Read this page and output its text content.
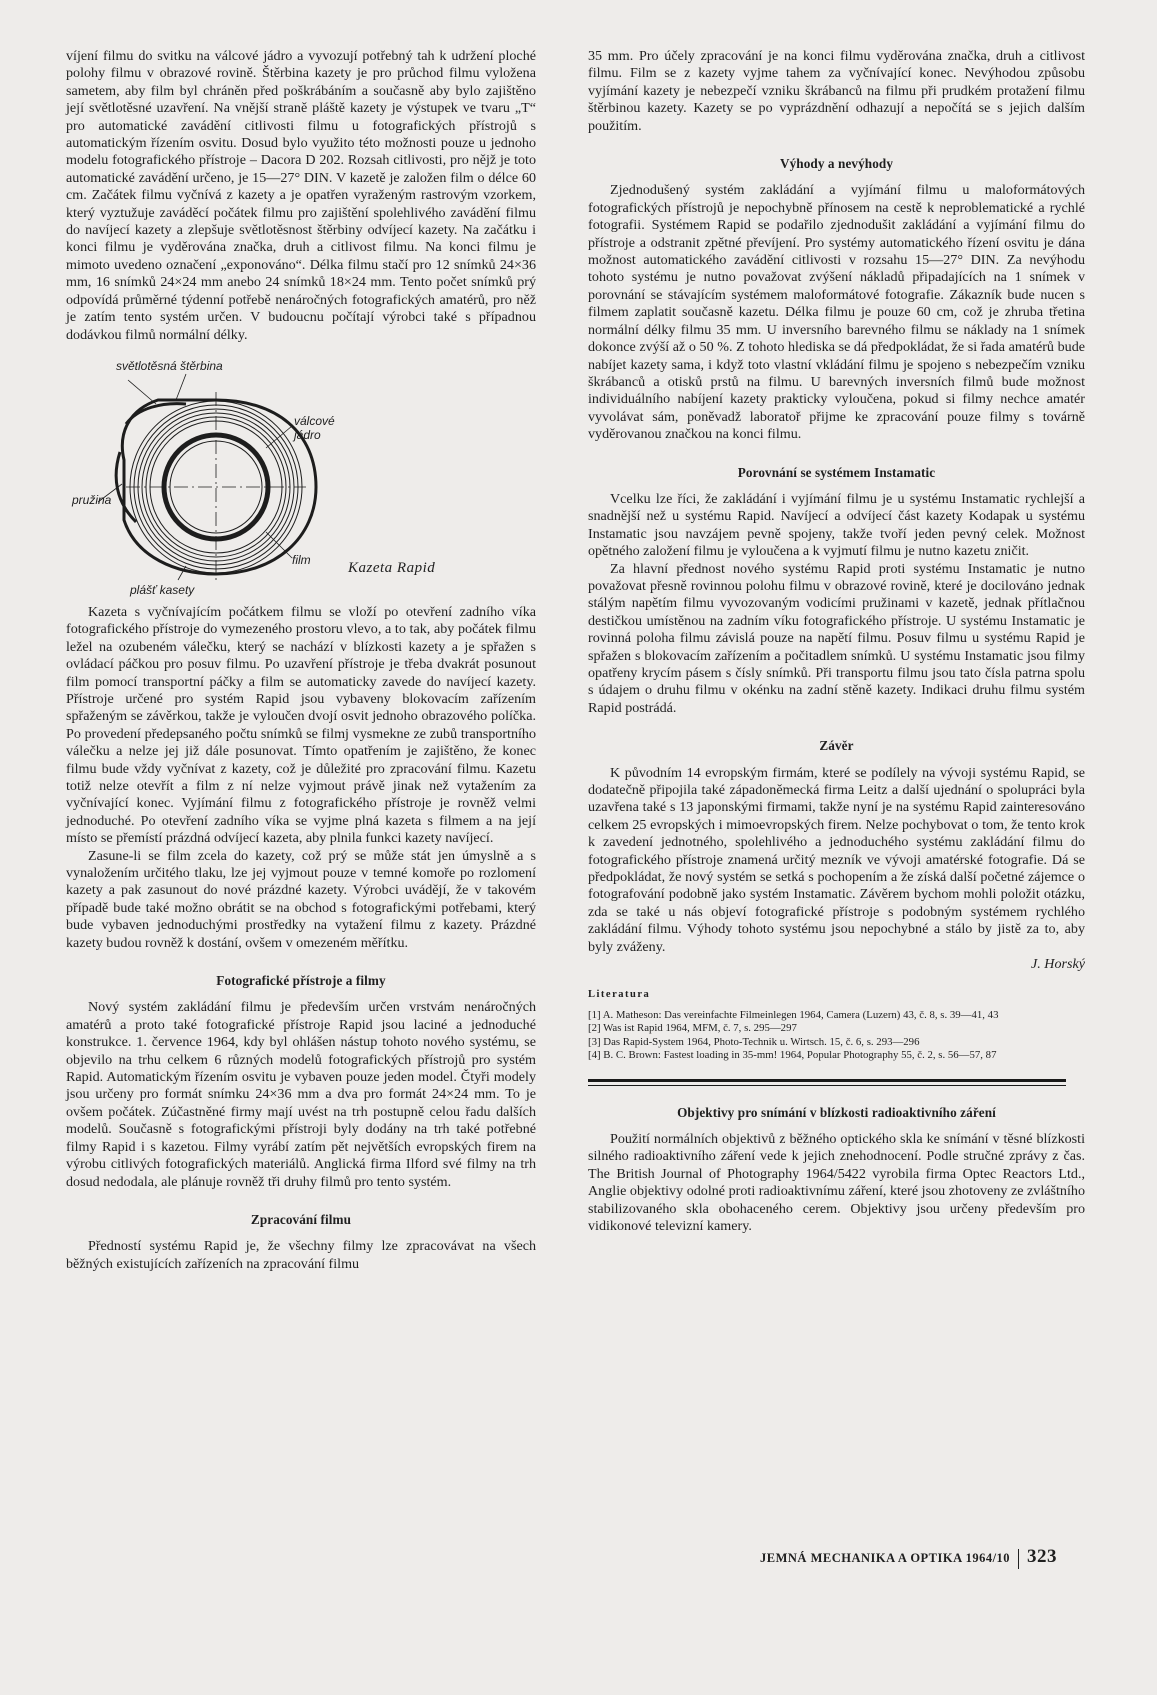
víjení filmu do svitku na válcové jádro a vyvozují potřebný tah k udržení ploché polohy filmu v obrazové rovině. Štěrbina kazety je pro průchod filmu vyložena sametem, aby film byl chráněn před poškrábáním a současně aby bylo zajištěno její světlotěsné uzavření. Na vnější straně pláště kazety je výstupek ve tvaru „T“ pro automatické zavádění citlivosti filmu u fotografických přístrojů s automatickým řízením osvitu. Dosud bylo využito této možnosti pouze u jednoho modelu fotografického přístroje – Dacora D 202. Rozsah citlivosti, pro nějž je toto automatické zavádění určeno, je 15—27° DIN. V kazetě je založen film o délce 60 cm. Začátek filmu vyčnívá z kazety a je opatřen vyraženým rastrovým vzorkem, který vyztužuje zaváděcí počátek filmu pro zajištění spolehlivého zavádění filmu do navíjecí kazety a zlepšuje světlotěsnost štěrbiny odvíjecí kazety. Na začátku i konci filmu je vyděrována značka, druh a citlivost filmu. Na konci filmu je mimoto uvedeno označení „exponováno“. Délka filmu stačí pro 12 snímků 24×36 mm, 16 snímků 24×24 mm anebo 24 snímků 18×24 mm. Tento počet snímků prý odpovídá průměrné týdenní potřebě nenáročných fotografických amatérů, pro něž je zatím tento systém určen. V budoucnu počítají výrobci také s případnou dodávkou filmů normální délky.

světlotěsná štěrbina
válcové jádro
pružina
film
plášť kasety
Kazeta Rapid

Kazeta s vyčnívajícím počátkem filmu se vloží po otevření zadního víka fotografického přístroje do vymezeného prostoru vlevo, a to tak, aby počátek filmu ležel na ozubeném válečku, který se nachází v blízkosti kazety a je spřažen s ovládací páčkou pro posuv filmu. Po uzavření přístroje je třeba dvakrát posunout film pomocí transportní páčky a film se automaticky zavede do navíjecí kazety. Přístroje určené pro systém Rapid jsou vybaveny blokovacím zařízením spřaženým se závěrkou, takže je vyloučen dvojí osvit jednoho obrazového políčka. Po provedení předepsaného počtu snímků se filmj vysmekne ze zubů transportního válečku a nelze jej již dále posunovat. Tímto opatřením je zajištěno, že konec filmu bude vždy vyčnívat z kazety, což je důležité pro zpracování filmu. Kazetu totiž nelze otevřít a film z ní nelze vyjmout právě jinak než vytažením za vyčnívající konec. Vyjímání filmu z fotografického přístroje je rovněž velmi jednoduché. Po otevření zadního víka se vyjme plná kazeta s filmem a na její místo se přemístí prázdná odvíjecí kazeta, aby plnila funkci kazety navíjecí.

Zasune-li se film zcela do kazety, což prý se může stát jen úmyslně a s vynaložením určitého tlaku, lze jej vyjmout pouze v temné komoře po rozlomení kazety a pak zasunout do nové prázdné kazety. Výrobci uvádějí, že v takovém případě bude také možno obrátit se na obchod s fotografickými potřebami, který bude vybaven jednoduchými prostředky na vytažení filmu z kazety. Prázdné kazety budou rovněž k dostání, ovšem v omezeném měřítku.

Fotografické přístroje a filmy

Nový systém zakládání filmu je především určen vrstvám nenáročných amatérů a proto také fotografické přístroje Rapid jsou laciné a jednoduché konstrukce. 1. července 1964, kdy byl ohlášen nástup tohoto nového systému, se objevilo na trhu celkem 6 různých modelů fotografických přístrojů pro systém Rapid. Automatickým řízením osvitu je vybaven pouze jeden model. Čtyři modely jsou určeny pro formát snímku 24×36 mm a dva pro formát 24×24 mm. To je ovšem počátek. Zúčastněné firmy mají uvést na trh postupně celou řadu dalších modelů. Současně s fotografickými přístroji byly dodány na trh také potřebné filmy Rapid i s kazetou. Filmy vyrábí zatím pět největších evropských firem na výrobu citlivých fotografických materiálů. Anglická firma Ilford své filmy na trh dosud nedodala, ale plánuje rovněž tři druhy filmů pro tento systém.

Zpracování filmu

Předností systému Rapid je, že všechny filmy lze zpracovávat na všech běžných existujících zařízeních na zpracování filmu

35 mm. Pro účely zpracování je na konci filmu vyděrována značka, druh a citlivost filmu. Film se z kazety vyjme tahem za vyčnívající konec. Nevýhodou způsobu vyjímání kazety je nebezpečí vzniku škrábanců na filmu při prudkém protažení filmu štěrbinou kazety. Kazety se po vyprázdnění odhazují a nepočítá se s jejich dalším použitím.

Výhody a nevýhody

Zjednodušený systém zakládání a vyjímání filmu u maloformátových fotografických přístrojů je nepochybně přínosem na cestě k neproblematické a rychlé fotografii. Systémem Rapid se podařilo zjednodušit zakládání a vyjímání filmu do přístroje a odstranit zpětné převíjení. Pro systémy automatického řízení osvitu je dána možnost automatického zavádění citlivosti v rozsahu 15—27° DIN. Za nevýhodu tohoto systému je nutno považovat zvýšení nákladů připadajících na 1 snímek v porovnání se stávajícím systémem maloformátové fotografie. Zákazník bude nucen s filmem zaplatit současně kazetu. Délka filmu je pouze 60 cm, což je zhruba třetina normální délky filmu 35 mm. U inversního barevného filmu se náklady na 1 snímek dokonce zvýší až o 50 %. Z tohoto hlediska se dá předpokládat, že si řada amatérů bude nabíjet kazety sama, i když toto vlastní vkládání filmu je spojeno s nebezpečím vzniku škrábanců a otisků prstů na filmu. U barevných inversních filmů bude možnost individuálního nabíjení kazety prakticky vyloučena, pokud si filmy nechce amatér vyvolávat sám, poněvadž laboratoř přijme ke zpracování pouze filmy s továrně vyděrovanou značkou na konci filmu.

Porovnání se systémem Instamatic

Vcelku lze říci, že zakládání i vyjímání filmu je u systému Instamatic rychlejší a snadnější než u systému Rapid. Navíjecí a odvíjecí část kazety Kodapak u systému Instamatic jsou navzájem pevně spojeny, takže tvoří jeden pevný celek. Možnost opětného založení filmu je vyloučena a k vyjmutí filmu je nutno kazetu zničit.

Za hlavní přednost nového systému Rapid proti systému Instamatic je nutno považovat přesně rovinnou polohu filmu v obrazové rovině, které je docilováno jednak stálým napětím filmu vyvozovaným vodicími pružinami v kazetě, jednak přítlačnou destičkou umístěnou na zadním víku fotografického přístroje. U systému Instamatic je rovinná poloha filmu závislá pouze na napětí filmu. Posuv filmu u systému Rapid je spřažen s blokovacím zařízením a počitadlem snímků. U systému Instamatic jsou filmy opatřeny krycím pásem s čísly snímků. Při transportu filmu jsou tato čísla patrna spolu s údajem o druhu filmu v okénku na zadní stěně kazety. Indikaci druhu filmu systém Rapid postrádá.

Závěr

K původním 14 evropským firmám, které se podílely na vývoji systému Rapid, se dodatečně připojila také západoněmecká firma Leitz a další ujednání o spolupráci byla uzavřena také s 13 japonskými firmami, takže nyní je na systému Rapid zainteresováno celkem 25 evropských i mimoevropských firem. Nelze pochybovat o tom, že tento krok k zavedení jednotného, spolehlivého a jednoduchého systému zakládání filmu do fotografického přístroje znamená určitý mezník ve vývoji amatérské fotografie. Dá se předpokládat, že nový systém se setká s pochopením a že získá další početné zájemce o fotografování podobně jako systém Instamatic. Závěrem bychom mohli položit otázku, zda se také u nás objeví fotografické přístroje s podobným systémem rychlého zakládání filmu. Výhody tohoto systému jsou nepochybné a stálo by jistě za to, aby byly zváženy.

J. Horský

Literatura
[1] A. Matheson: Das vereinfachte Filmeinlegen 1964, Camera (Luzern) 43, č. 8, s. 39—41, 43
[2] Was ist Rapid 1964, MFM, č. 7, s. 295—297
[3] Das Rapid-System 1964, Photo-Technik u. Wirtsch. 15, č. 6, s. 293—296
[4] B. C. Brown: Fastest loading in 35-mm! 1964, Popular Photography 55, č. 2, s. 56—57, 87
Objektivy pro snímání v blízkosti radioaktivního záření

Použití normálních objektivů z běžného optického skla ke snímání v těsné blízkosti silného radioaktivního záření vede k jejich znehodnocení. Podle stručné zprávy z čas. The British Journal of Photography 1964/5422 vyrobila firma Optec Reactors Ltd., Anglie objektivy odolné proti radioaktivnímu záření, které jsou zhotoveny ze zvláštního stabilizovaného skla obohaceného cerem. Objektivy jsou určeny především pro vidikonové televizní kamery.

JEMNÁ MECHANIKA A OPTIKA 1964/10 323
